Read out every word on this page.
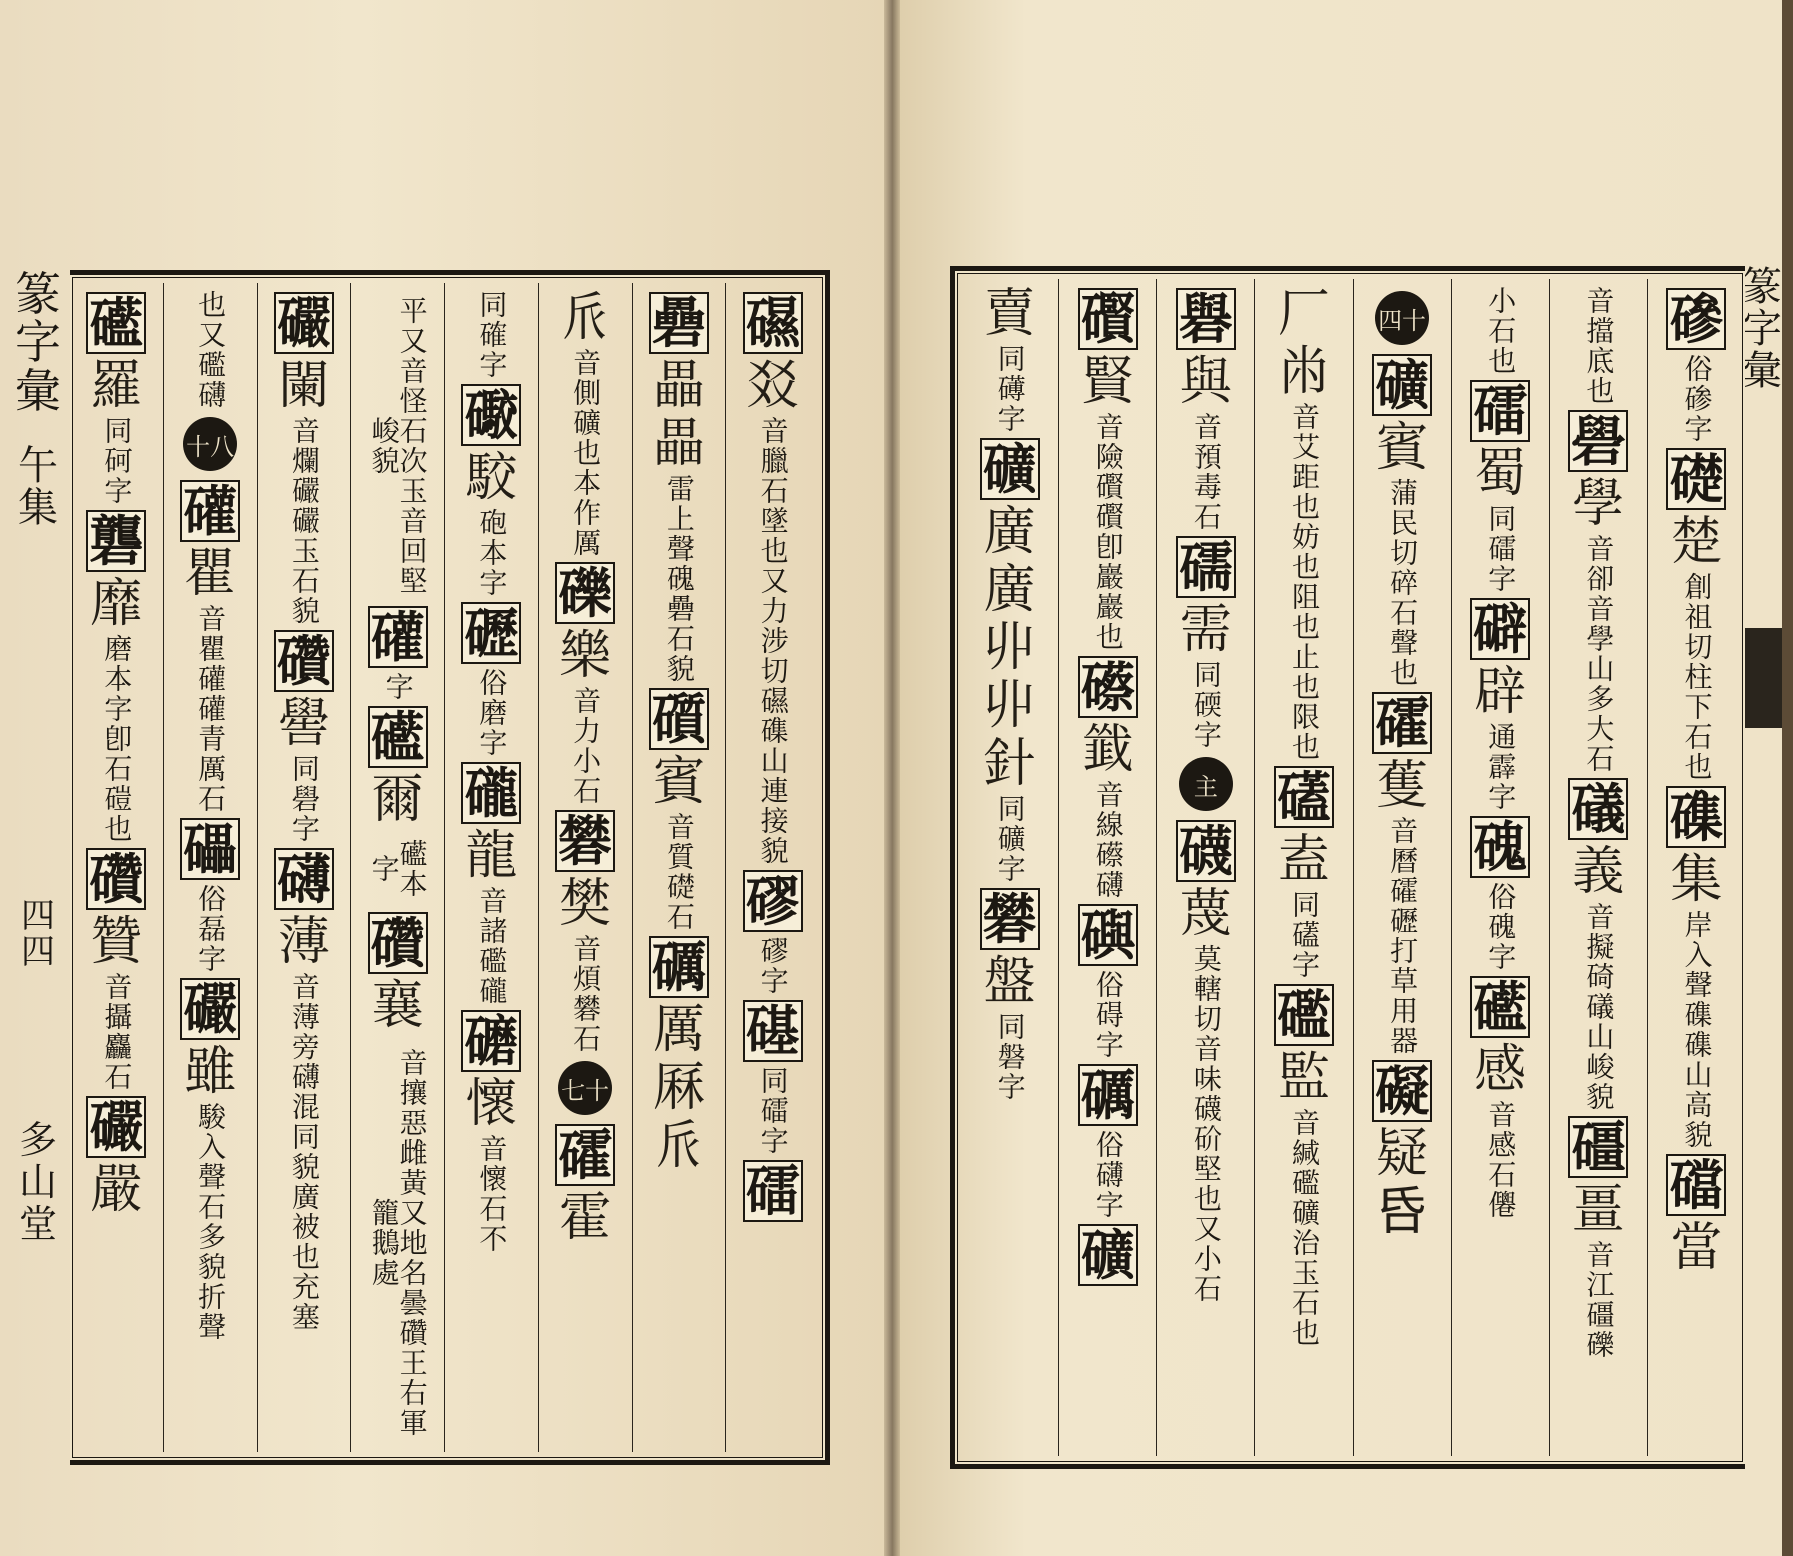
篆字彙
午集
四四
多山堂
篆字彙
礘
㸚
音臘石墜也又力涉切礘磼山連接貌
磟
磟字
𥕛
同礌字
礌
礨
畾
畾
雷上聲磈礨石貌
礩
賓
音質礎石
礪
厲
厤
𠂢
𠂢
音側礦也本作厲
礫
樂
音力小石
礬
樊
音煩礬石
七十
礭
霍
同確字
礮
駮
砲本字
礰
俗磨字
礲
龍
音諸礛礲
礳
懷
音懷石不
平又音怪石次玉音回堅峻貌
礶
字
礷
爾
礷本字
礸
襄
音攘惡雌黃又地名曇礸王右軍籠鵝處
礹
闌
音爛礹礹玉石貌
礸
嚳
同礐字
礴
薄
音薄旁礴混同貌廣被也充塞
也又礛礴
十八
礶
瞿
音瞿礶礶青厲石
礧
俗磊字
礹
雖
駿入聲石多貌折聲
礷
羅
同砢字
礱
靡
磨本字卽石磑也
礸
贊
音攝麤石
礹
嚴
磣
俗碜字
礎
楚
創祖切柱下石也
磼
集
岸入聲磼磼山高貌
礑
當
音擋底也
礐
學
音卻音學山多大石
礒
義
音擬碕礒山峻貌
礓
畺
音江礓礫
小石也
礌
蜀
同礌字
礔
辟
通霹字
磈
俗磈字
礷
感
音感石㒨
四十
礦
賓
蒲民切碎石聲也
礭
蒦
音曆礭礰打草用器
礙
疑
𠯑
厂
㡀
音艾距也妨也阻也止也限也
礚
盍
同礚字
礛
監
音緘礛礦治玉石也
礜
與
音預毒石
礝
需
同碝字
主
礣
蔑
莫轄切音味礣砎堅也又小石
礥
賢
音險礥礥卽巖巖也
礤
韱
音線礤礴
礖
俗碍字
礪
俗礴字
礦
賣
同礡字
礦
廣
廣
丱
丱
針
同礦字
礬
盤
同磐字
